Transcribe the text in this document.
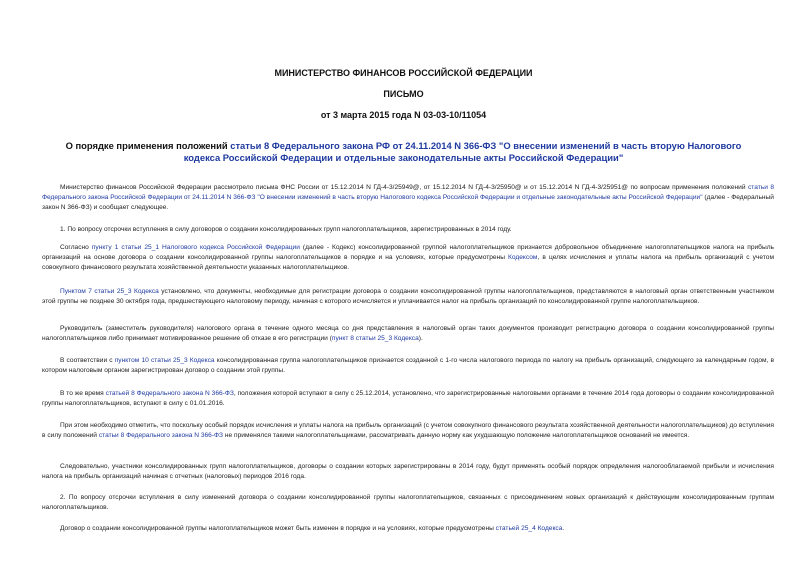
МИНИСТЕРСТВО ФИНАНСОВ РОССИЙСКОЙ ФЕДЕРАЦИИ
ПИСЬМО
от 3 марта 2015 года N 03-03-10/11054
О порядке применения положений статьи 8 Федерального закона РФ от 24.11.2014 N 366-ФЗ "О внесении изменений в часть вторую Налогового кодекса Российской Федерации и отдельные законодательные акты Российской Федерации"
Министерство финансов Российской Федерации рассмотрело письма ФНС России от 15.12.2014 N ГД-4-3/25949@, от 15.12.2014 N ГД-4-3/25950@ и от 15.12.2014 N ГД-4-3/25951@ по вопросам применения положений статьи 8 Федерального закона Российской Федерации от 24.11.2014 N 366-ФЗ "О внесении изменений в часть вторую Налогового кодекса Российской Федерации и отдельные законодательные акты Российской Федерации" (далее - Федеральный закон N 366-ФЗ) и сообщает следующее.
1. По вопросу отсрочки вступления в силу договоров о создании консолидированных групп налогоплательщиков, зарегистрированных в 2014 году.
Согласно пункту 1 статьи 25_1 Налогового кодекса Российской Федерации (далее - Кодекс) консолидированной группой налогоплательщиков признается добровольное объединение налогоплательщиков налога на прибыль организаций на основе договора о создании консолидированной группы налогоплательщиков в порядке и на условиях, которые предусмотрены Кодексом, в целях исчисления и уплаты налога на прибыль организаций с учетом совокупного финансового результата хозяйственной деятельности указанных налогоплательщиков.
Пунктом 7 статьи 25_3 Кодекса установлено, что документы, необходимые для регистрации договора о создании консолидированной группы налогоплательщиков, представляются в налоговый орган ответственным участником этой группы не позднее 30 октября года, предшествующего налоговому периоду, начиная с которого исчисляется и уплачивается налог на прибыль организаций по консолидированной группе налогоплательщиков.
Руководитель (заместитель руководителя) налогового органа в течение одного месяца со дня представления в налоговый орган таких документов производит регистрацию договора о создании консолидированной группы налогоплательщиков либо принимает мотивированное решение об отказе в его регистрации (пункт 8 статьи 25_3 Кодекса).
В соответствии с пунктом 10 статьи 25_3 Кодекса консолидированная группа налогоплательщиков признается созданной с 1-го числа налогового периода по налогу на прибыль организаций, следующего за календарным годом, в котором налоговым органом зарегистрирован договор о создании этой группы.
В то же время статьей 8 Федерального закона N 366-ФЗ, положения которой вступают в силу с 25.12.2014, установлено, что зарегистрированные налоговыми органами в течение 2014 года договоры о создании консолидированной группы налогоплательщиков, вступают в силу с 01.01.2016.
При этом необходимо отметить, что поскольку особый порядок исчисления и уплаты налога на прибыль организаций (с учетом совокупного финансового результата хозяйственной деятельности налогоплательщиков) до вступления в силу положений статьи 8 Федерального закона N 366-ФЗ не применялся такими налогоплательщиками, рассматривать данную норму как ухудшающую положение налогоплательщиков оснований не имеется.
Следовательно, участники консолидированных групп налогоплательщиков, договоры о создании которых зарегистрированы в 2014 году, будут применять особый порядок определения налогооблагаемой прибыли и исчисления налога на прибыль организаций начиная с отчетных (налоговых) периодов 2016 года.
2. По вопросу отсрочки вступления в силу изменений договора о создании консолидированной группы налогоплательщиков, связанных с присоединением новых организаций к действующим консолидированным группам налогоплательщиков.
Договор о создании консолидированной группы налогоплательщиков может быть изменен в порядке и на условиях, которые предусмотрены статьей 25_4 Кодекса.
